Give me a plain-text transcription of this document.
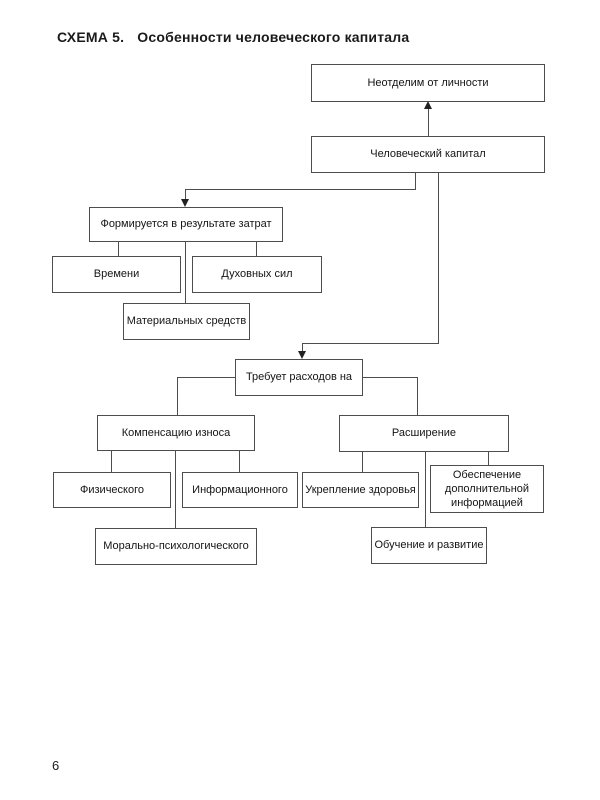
СХЕМА 5. Особенности человеческого капитала
Неотделим от личности
Человеческий капитал
Формируется в результате затрат
Времени	Духовных сил
Материальных средств
Требует расходов на
Компенсацию износа	Расширение
Физического	Информационного	Укрепление здоровья
Обеспечение дополнительной информацией
Морально-психологического	Обучение и развитие
6
